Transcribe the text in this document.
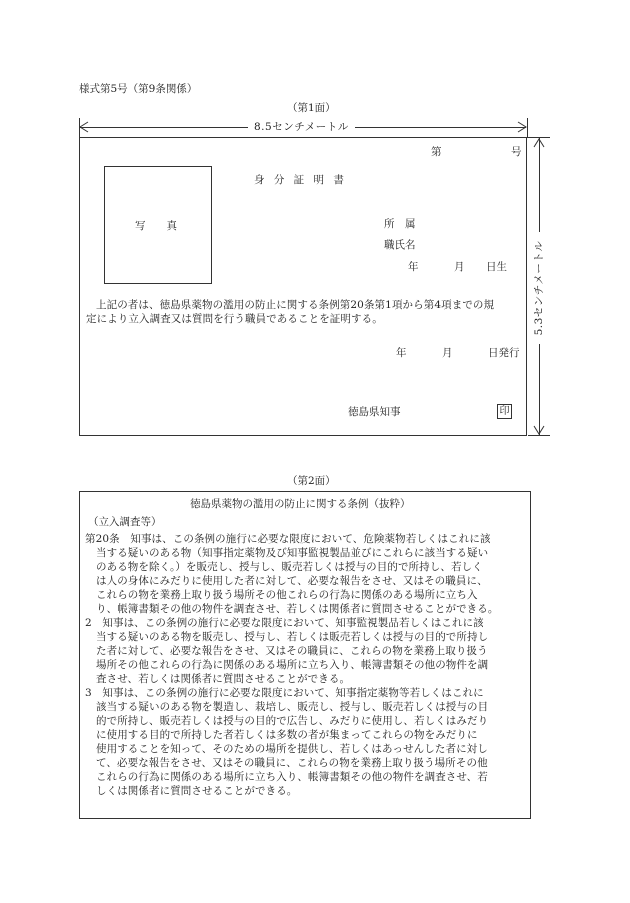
様式第5号（第9条関係）
（第1面）
8.5センチメートル
5.3センチメートル
第	号
身 分 証 明 書
写　　真	所　属
職氏名
年	月 日生
上記の者は、徳島県薬物の濫用の防止に関する条例第20条第1項から第4項までの規
定により立入調査又は質問を行う職員であることを証明する。
年	月	日発行
徳島県知事	印
（第2面）
徳島県薬物の濫用の防止に関する条例（抜粋）
（立入調査等）
第20条　知事は、この条例の施行に必要な限度において、危険薬物若しくはこれに該
当する疑いのある物（知事指定薬物及び知事監視製品並びにこれらに該当する疑い
のある物を除く。）を販売し、授与し、販売若しくは授与の目的で所持し、若しく
は人の身体にみだりに使用した者に対して、必要な報告をさせ、又はその職員に、
これらの物を業務上取り扱う場所その他これらの行為に関係のある場所に立ち入
り、帳簿書類その他の物件を調査させ、若しくは関係者に質問させることができる。
2　知事は、この条例の施行に必要な限度において、知事監視製品若しくはこれに該
当する疑いのある物を販売し、授与し、若しくは販売若しくは授与の目的で所持し
た者に対して、必要な報告をさせ、又はその職員に、これらの物を業務上取り扱う
場所その他これらの行為に関係のある場所に立ち入り、帳簿書類その他の物件を調
査させ、若しくは関係者に質問させることができる。
3　知事は、この条例の施行に必要な限度において、知事指定薬物等若しくはこれに
該当する疑いのある物を製造し、栽培し、販売し、授与し、販売若しくは授与の目
的で所持し、販売若しくは授与の目的で広告し、みだりに使用し、若しくはみだり
に使用する目的で所持した者若しくは多数の者が集まってこれらの物をみだりに
使用することを知って、そのための場所を提供し、若しくはあっせんした者に対し
て、必要な報告をさせ、又はその職員に、これらの物を業務上取り扱う場所その他
これらの行為に関係のある場所に立ち入り、帳簿書類その他の物件を調査させ、若
しくは関係者に質問させることができる。
